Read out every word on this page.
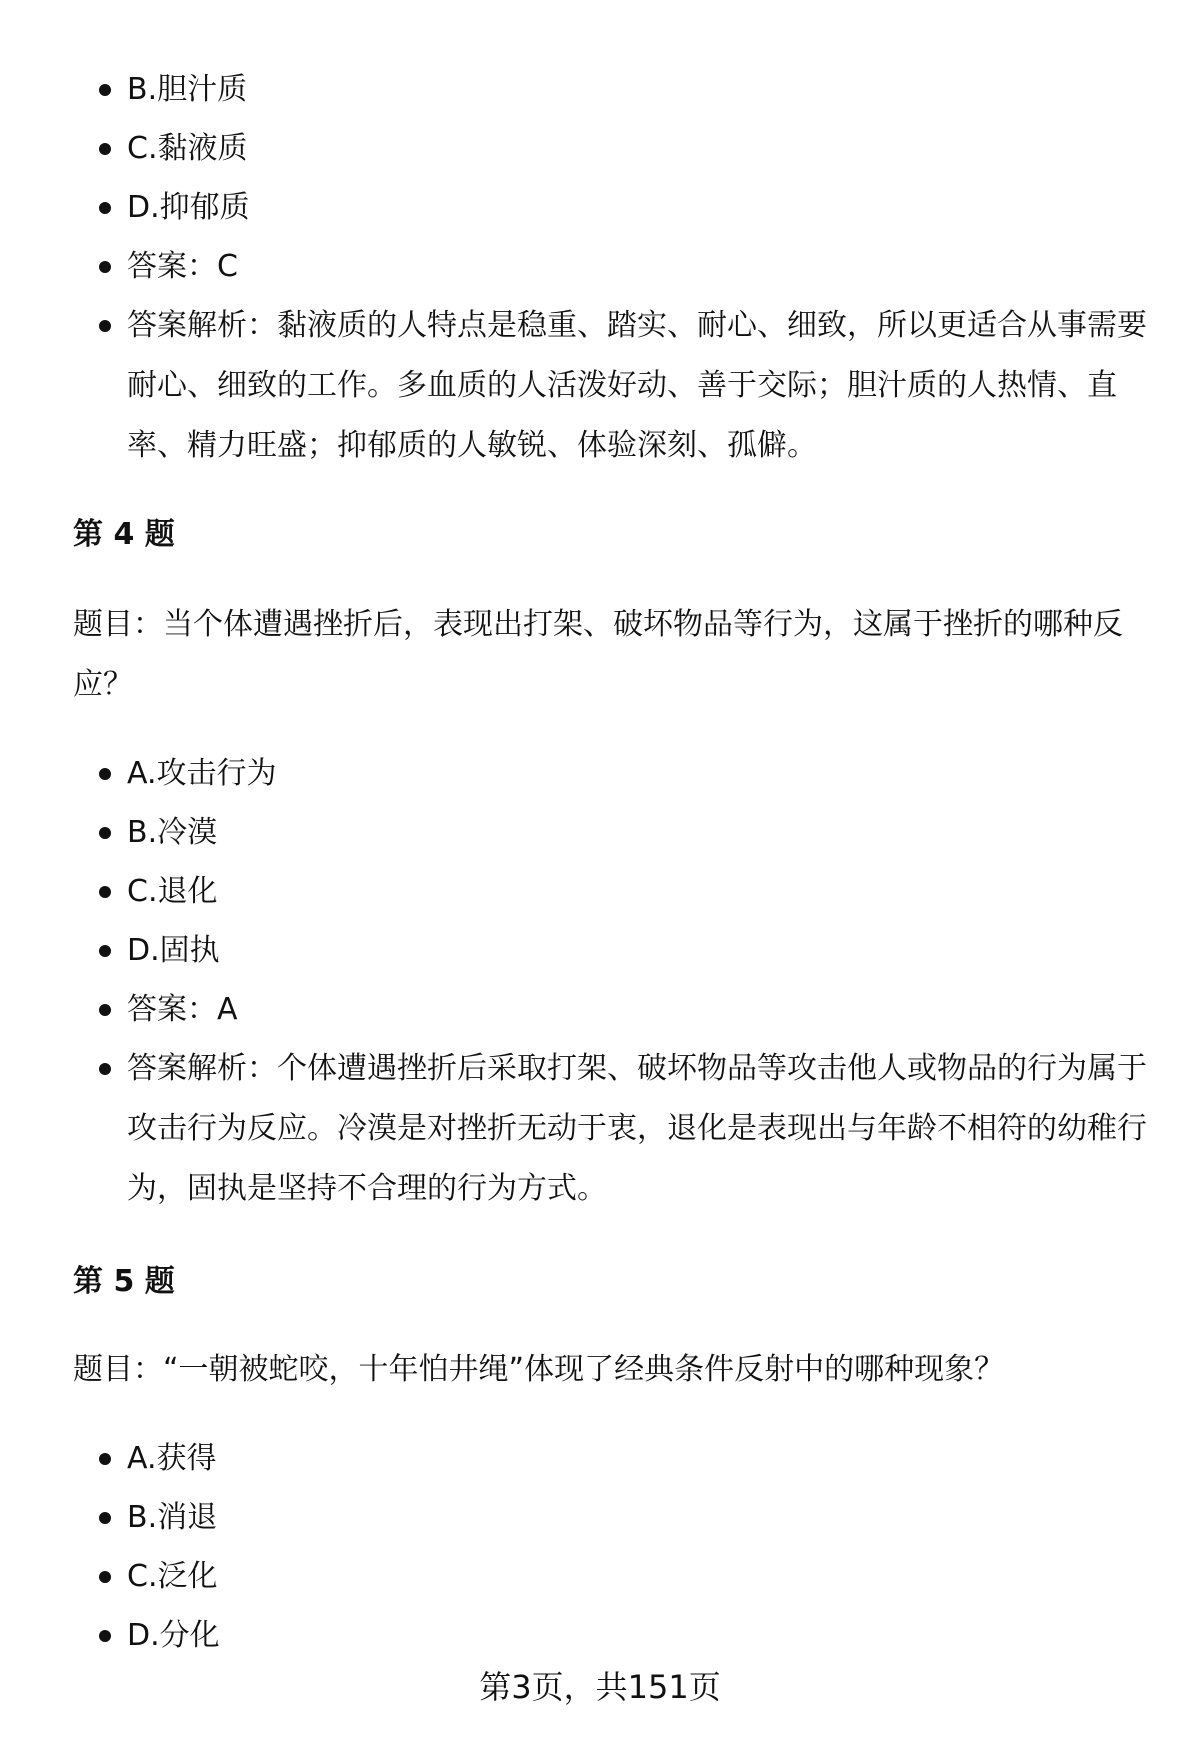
B.胆汁质
C.黏液质
D.抑郁质
答案：C
答案解析：黏液质的人特点是稳重、踏实、耐心、细致，所以更适合从事需要
耐心、细致的工作。多血质的人活泼好动、善于交际；胆汁质的人热情、直
率、精力旺盛；抑郁质的人敏锐、体验深刻、孤僻。
第 4 题
题目：当个体遭遇挫折后，表现出打架、破坏物品等行为，这属于挫折的哪种反
应？
A.攻击行为
B.冷漠
C.退化
D.固执
答案：A
答案解析：个体遭遇挫折后采取打架、破坏物品等攻击他人或物品的行为属于
攻击行为反应。冷漠是对挫折无动于衷，退化是表现出与年龄不相符的幼稚行
为，固执是坚持不合理的行为方式。
第 5 题
题目：“一朝被蛇咬，十年怕井绳”体现了经典条件反射中的哪种现象？
A.获得
B.消退
C.泛化
D.分化
第3页，共151页
